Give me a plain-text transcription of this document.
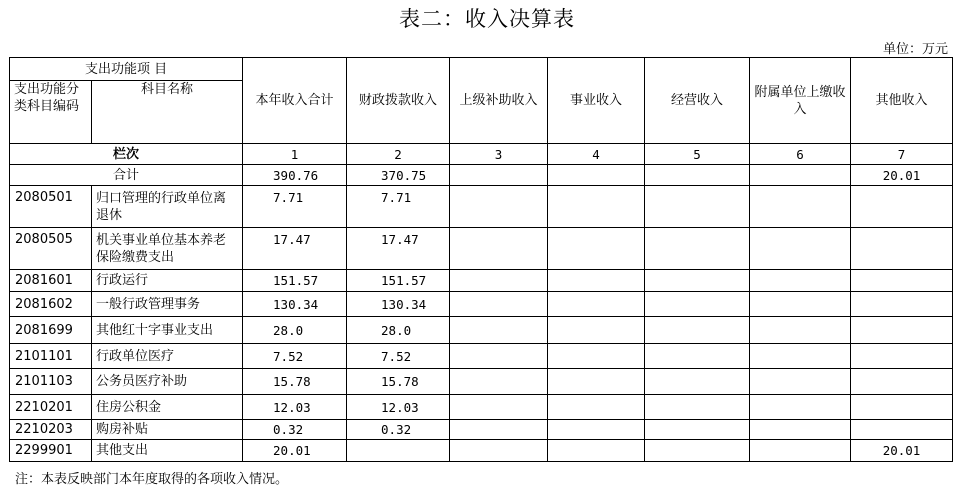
表二：收入决算表
单位：万元
支出功能项 目		本年收入合计	财政拨款收入	上级补助收入	事业收入	经营收入	附属单位上缴收入	其他收入
支出功能分类科目编码	科目名称							
栏次		1	2	3	4	5	6	7
合计		390.76	370.75					20.01
2080501	归口管理的行政单位离退休	7.71	7.71					
2080505	机关事业单位基本养老保险缴费支出	17.47	17.47					
2081601	行政运行	151.57	151.57					
2081602	一般行政管理事务	130.34	130.34					
2081699	其他红十字事业支出	28.0	28.0					
2101101	行政单位医疗	7.52	7.52					
2101103	公务员医疗补助	15.78	15.78					
2210201	住房公积金	12.03	12.03					
2210203	购房补贴	0.32	0.32					
2299901	其他支出	20.01						20.01
注：本表反映部门本年度取得的各项收入情况。
